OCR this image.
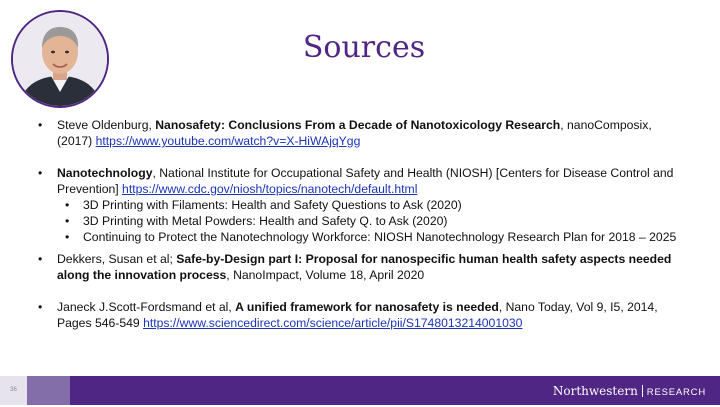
Sources
• Steve Oldenburg, Nanosafety: Conclusions From a Decade of Nanotoxicology Research, nanoComposix, (2017) https://www.youtube.com/watch?v=X-HiWAjqYgg
• Nanotechnology, National Institute for Occupational Safety and Health (NIOSH) [Centers for Disease Control and Prevention] https://www.cdc.gov/niosh/topics/nanotech/default.html
• 3D Printing with Filaments: Health and Safety Questions to Ask (2020)
• 3D Printing with Metal Powders: Health and Safety Q. to Ask (2020)
• Continuing to Protect the Nanotechnology Workforce: NIOSH Nanotechnology Research Plan for 2018 – 2025
• Dekkers, Susan et al; Safe-by-Design part I: Proposal for nanospecific human health safety aspects needed along the innovation process, NanoImpact, Volume 18, April 2020
• Janeck J.Scott-Fordsmand et al, A unified framework for nanosafety is needed, Nano Today, Vol 9, I5, 2014, Pages 546-549 https://www.sciencedirect.com/science/article/pii/S1748013214001030
36	Northwestern RESEARCH
